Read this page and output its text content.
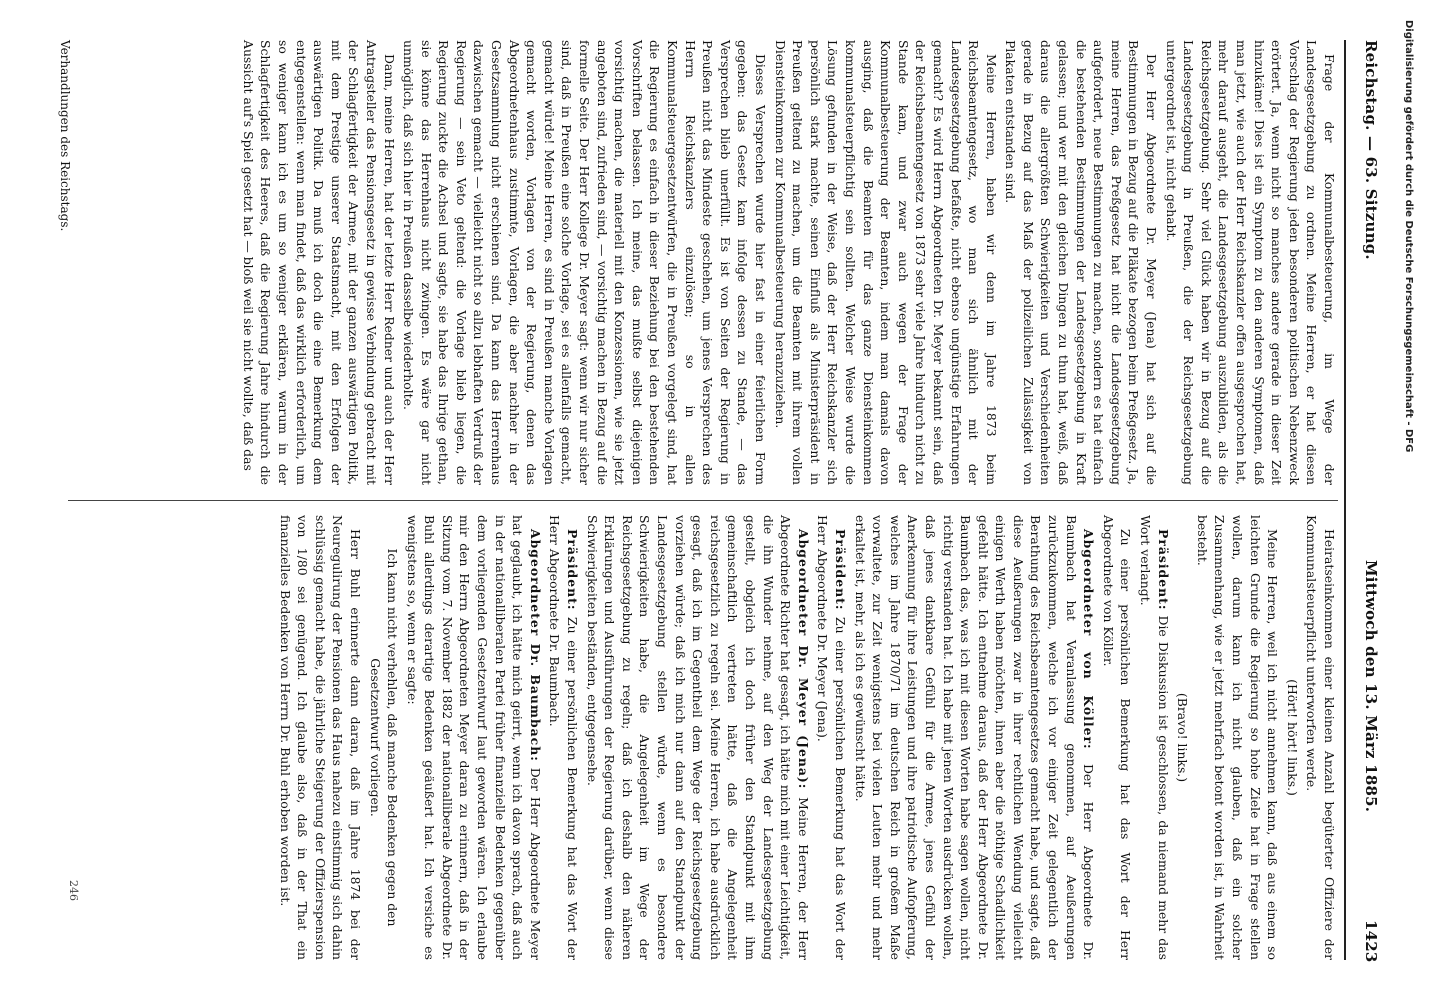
Reichstag. — 63. Sitzung.
Mittwoch den 13. März 1885.
1423

Frage der Kommunalbesteuerung, im Wege der Landesgesetzgebung zu ordnen. Meine Herren, er hat diesen Vorschlag der Regierung jeden besonderen politischen Nebenzweck erörtert. Ja, wenn nicht so manches andere gerade in dieser Zeit hinzukäme! Dies ist ein Symptom zu den anderen Symptomen, daß man jetzt, wie auch der Herr Reichskanzler offen ausgesprochen hat, mehr darauf ausgeht, die Landesgesetzgebung auszubilden, als die Reichsgesetzgebung. Sehr viel Glück haben wir in Bezug auf die Landesgesetzgebung in Preußen, die der Reichsgesetzgebung untergeordnet ist, nicht gehabt.

Der Herr Abgeordnete Dr. Meyer (Jena) hat sich auf die Bestimmungen in Bezug auf die Pläkate bezogen beim Preßgesetz. Ja, meine Herren, das Preßgesetz hat nicht die Landesgesetzgebung aufgefordert, neue Bestimmungen zu machen, sondern es hat einfach die bestehenden Bestimmungen der Landesgesetzgebung in Kraft gelassen; und wer mit den gleichen Dingen zu thun hat, weiß, daß daraus die allergrößten Schwierigkeiten und Verschiedenheiten gerade in Bezug auf das Maß der polizeilichen Zulässigkeit von Plakaten entstanden sind.

Meine Herren, haben wir denn im Jahre 1873 beim Reichsbeamtengesetz, wo man sich ähnlich mit der Landesgesetzgebung befaßte, nicht ebenso ungünstige Erfahrungen gemacht? Es wird Herrn Abgeordneten Dr. Meyer bekannt sein, daß der Reichsbeamtengesetz von 1873 sehr viele Jahre hindurch nicht zu Stande kam, und zwar auch wegen der Frage der Kommunalbesteuerung der Beamten, indem man damals davon ausging, daß die Beamten für das ganze Diensteinkommen kommunalsteuerpflichtig sein sollten. Welcher Weise wurde die Lösung gefunden in der Weise, daß der Herr Reichskanzler sich persönlich stark machte, seinen Einfluß als Ministerpräsident in Preußen geltend zu machen, um die Beamten mit ihrem vollen Diensteinkommen zur Kommunalbesteuerung heranzuziehen.

Dieses Versprechen wurde hier fast in einer feierlichen Form gegeben: das Gesetz kam infolge dessen zu Stande, — das Versprechen blieb unerfüllt. Es ist von Seiten der Regierung in Preußen nicht das Mindeste geschehen, um jenes Versprechen des Herrn Reichskanzlers einzulösen; so in allen Kommunalsteuergesetzentwürfen, die in Preußen vorgelegt sind, hat die Regierung es einfach in dieser Beziehung bei den bestehenden Vorschriften belassen. Ich meine, das mußte selbst diejenigen vorsichtig machen, die materiell mit den Konzessionen, wie sie jetzt angeboten sind, zufrieden sind, — vorsichtig machen in Bezug auf die formelle Seite. Der Herr Kollege Dr. Meyer sagt: wenn wir nur sicher sind, daß in Preußen eine solche Vorlage, sei es allenfalls gemacht, gemacht würde! Meine Herren, es sind in Preußen manche Vorlagen gemacht worden, Vorlagen von der Regierung, denen das Abgeordnetenhaus zustimmte, Vorlagen, die aber nachher in der Gesetzsammlung nicht erschienen sind. Da kann das Herrenhaus dazwischen gemacht — vielleicht nicht so allzu lebhaften Verdruß der Regierung — sein Veto geltend: die Vorlage blieb liegen, die Regierung zuckte die Achsel und sagte, sie habe das Ihrige gethan, sie könne das Herrenhaus nicht zwingen. Es wäre gar nicht unmöglich, daß sich hier in Preußen dasselbe wiederholte.

Dann, meine Herren, hat der letzte Herr Redner und auch der Herr Antragsteller das Pensionsgesetz in gewisse Verbindung gebracht mit der Schlagfertigkeit der Armee, mit der ganzen auswärtigen Politik, mit dem Prestige unserer Staatsmacht, mit den Erfolgen der auswärtigen Politik. Da muß ich doch die eine Bemerkung dem entgegenstellen: wenn man findet, daß das wirklich erforderlich, um so weniger kann ich es um so weniger erklären, warum in der Schlagfertigkeit des Heeres, daß die Regierung Jahre hindurch die Aussicht auf's Spiel gesetzt hat — bloß weil sie nicht wollte, daß das

Verhandlungen des Reichstags.

Heiratseinkommen einer kleinen Anzahl begüterter Offiziere der Kommunalsteuerpflicht unterworfen werde.

(Hört! hört! links.)

Meine Herren, weil ich nicht annehmen kann, daß aus einem so leichten Grunde die Regierung so hohe Ziele hat in Frage stellen wollen, darum kann ich nicht glauben, daß ein solcher Zusammenhang, wie er jetzt mehrfach betont worden ist, in Wahrheit besteht.

(Bravo! links.)

Präsident: Die Diskussion ist geschlossen, da niemand mehr das Wort verlangt.

Zu einer persönlichen Bemerkung hat das Wort der Herr Abgeordnete von Köller.

Abgeordneter von Köller: Der Herr Abgeordnete Dr. Baumbach hat Veranlassung genommen, auf Aeußerungen zurückzukommen, welche ich vor einiger Zeit gelegentlich der Berathung des Reichsbeamtengesetzes gemacht habe, und sagte, daß diese Aeußerungen zwar in ihrer rechtlichen Wendung vielleicht einigen Werth haben möchten, ihnen aber die nöthige Schadlichkeit gefehlt hätte. Ich entnehme daraus, daß der Herr Abgeordnete Dr. Baumbach das, was ich mit diesen Worten habe sagen wollen, nicht richtig verstanden hat. Ich habe mit jenen Worten ausdrücken wollen, daß jenes dankbare Gefühl für die Armee, jenes Gefühl der Anerkennung für ihre Leistungen und ihre patriotische Aufopferung, welches im Jahre 1870/71 im deutschen Reich in großem Maße vorwaltete, zur Zeit wenigstens bei vielen Leuten mehr und mehr erkaltet ist, mehr, als ich es gewünscht hätte.

Präsident: Zu einer persönlichen Bemerkung hat das Wort der Herr Abgeordnete Dr. Meyer (Jena).

Abgeordneter Dr. Meyer (Jena): Meine Herren, der Herr Abgeordnete Richter hat gesagt, ich hätte mich mit einer Leichtigkeit, die ihn Wunder nehme, auf den Weg der Landesgesetzgebung gestellt, obgleich ich doch früher den Standpunkt mit ihm gemeinschaftlich vertreten hätte, daß die Angelegenheit reichsgesetzlich zu regeln sei. Meine Herren, ich habe ausdrücklich gesagt, daß ich im Gegentheil dem Wege der Reichsgesetzgebung vorziehen würde; daß ich mich nur dann auf den Standpunkt der Landesgesetzgebung stellen würde, wenn es besondere Schwierigkeiten habe, die Angelegenheit im Wege der Reichsgesetzgebung zu regeln; daß ich deshalb den näheren Erklärungen und Ausführungen der Regierung darüber, wenn diese Schwierigkeiten beständen, entgegensehe.

Präsident: Zu einer persönlichen Bemerkung hat das Wort der Herr Abgeordnete Dr. Baumbach.

Abgeordneter Dr. Baumbach: Der Herr Abgeordnete Meyer hat geglaubt, ich hätte mich geirrt, wenn ich davon sprach, daß auch in der nationalliberalen Partei früher finanzielle Bedenken gegenüber dem vorliegenden Gesetzentwurf laut geworden wären. Ich erlaube mir den Herrn Abgeordneten Meyer daran zu erinnern, daß in der Sitzung vom 7. November 1882 der nationalliberale Abgeordnete Dr. Buhl allerdings derartige Bedenken geäußert hat. Ich versiche es wenigstens so, wenn er sagte:

Ich kann nicht verhehlen, daß manche Bedenken gegen den Gesetzentwurf vorliegen.

Herr Buhl erinnerte dann daran, daß im Jahre 1874 bei der Neuregulirung der Pensionen das Haus nahezu einstimmig sich dahin schlüssig gemacht habe, die jährliche Steigerung der Offizierspension von 1/80 sei genügend. Ich glaube also, daß in der That ein finanzielles Bedenken von Herrn Dr. Buhl erhoben worden ist.

246
Digitalisierung gefördert durch die Deutsche Forschungsgemeinschaft - DFG
